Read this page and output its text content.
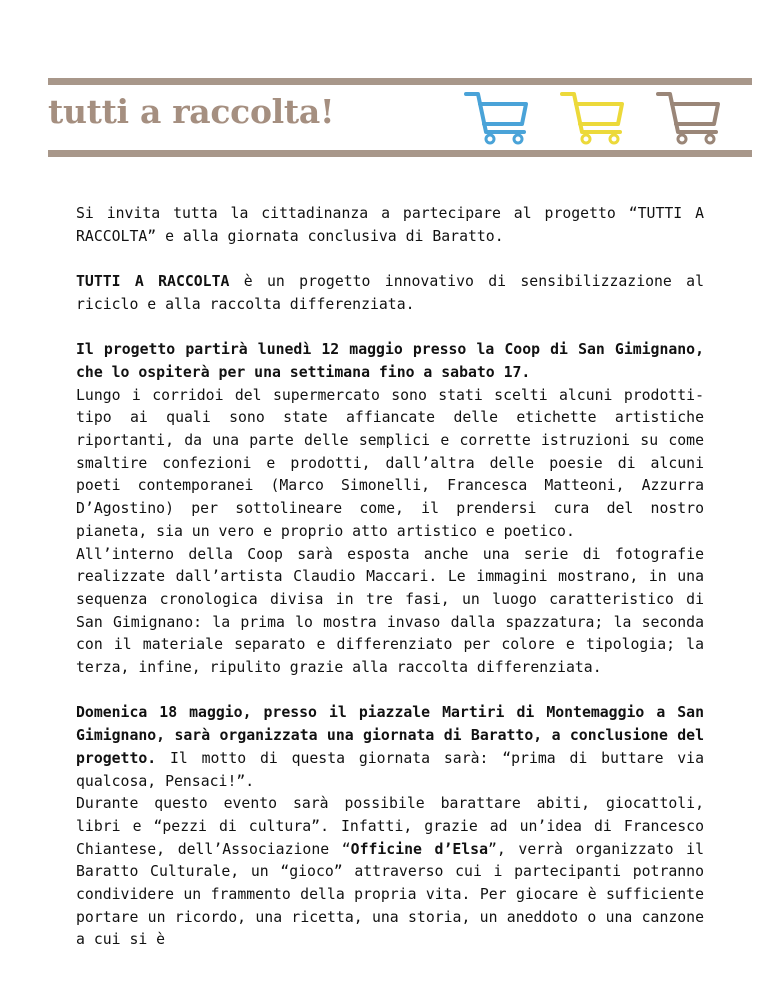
tutti a raccolta!

Si invita tutta la cittadinanza a partecipare al progetto “TUTTI A RACCOLTA” e alla giornata conclusiva di Baratto.

TUTTI A RACCOLTA è un progetto innovativo di sensibilizzazione al riciclo e alla raccolta differenziata.

Il progetto partirà lunedì 12 maggio presso la Coop di San Gimignano, che lo ospiterà per una settimana fino a sabato 17.

Lungo i corridoi del supermercato sono stati scelti alcuni prodotti-tipo ai quali sono state affiancate delle etichette artistiche riportanti, da una parte delle semplici e corrette istruzioni su come smaltire confezioni e prodotti, dall’altra delle poesie di alcuni poeti contemporanei (Marco Simonelli, Francesca Matteoni, Azzurra D’Agostino) per sottolineare come, il prendersi cura del nostro pianeta, sia un vero e proprio atto artistico e poetico.

All’interno della Coop sarà esposta anche una serie di fotografie realizzate dall’artista Claudio Maccari. Le immagini mostrano, in una sequenza cronologica divisa in tre fasi, un luogo caratteristico di San Gimignano: la prima lo mostra invaso dalla spazzatura; la seconda con il materiale separato e differenziato per colore e tipologia; la terza, infine, ripulito grazie alla raccolta differenziata.

Domenica 18 maggio, presso il piazzale Martiri di Montemaggio a San Gimignano, sarà organizzata una giornata di Baratto, a conclusione del progetto. Il motto di questa giornata sarà: “prima di buttare via qualcosa, Pensaci!”.

Durante questo evento sarà possibile barattare abiti, giocattoli, libri e “pezzi di cultura”. Infatti, grazie ad un’idea di Francesco Chiantese, dell’Associazione “Officine d’Elsa”, verrà organizzato il Baratto Culturale, un “gioco” attraverso cui i partecipanti potranno condividere un frammento della propria vita. Per giocare è sufficiente portare un ricordo, una ricetta, una storia, un aneddoto o una canzone a cui si è
